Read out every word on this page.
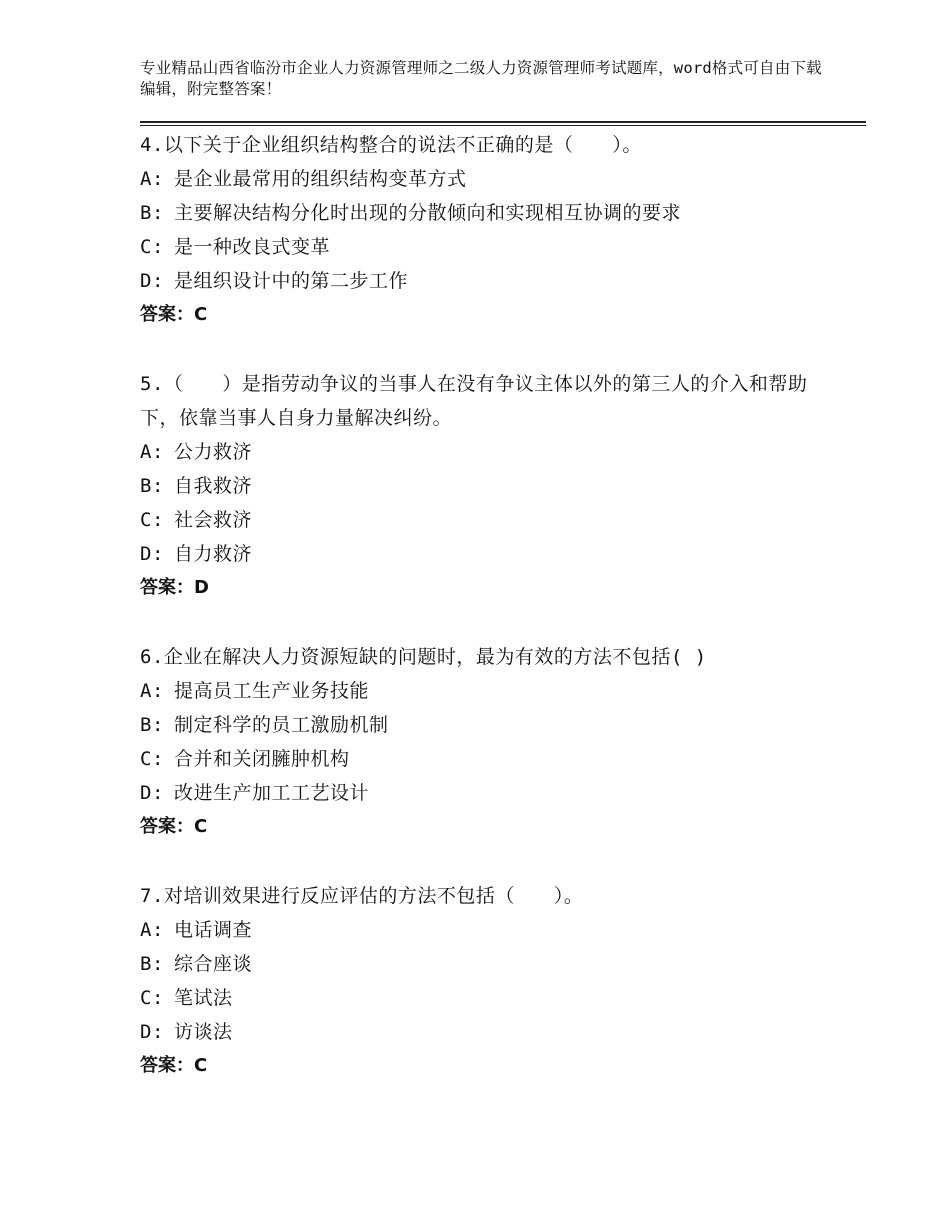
专业精品山西省临汾市企业人力资源管理师之二级人力资源管理师考试题库，word格式可自由下载编辑，附完整答案！
4.以下关于企业组织结构整合的说法不正确的是（　　）。
A: 是企业最常用的组织结构变革方式
B: 主要解决结构分化时出现的分散倾向和实现相互协调的要求
C: 是一种改良式变革
D: 是组织设计中的第二步工作
答案：C
5.（　　）是指劳动争议的当事人在没有争议主体以外的第三人的介入和帮助下，依靠当事人自身力量解决纠纷。
A: 公力救济
B: 自我救济
C: 社会救济
D: 自力救济
答案：D
6.企业在解决人力资源短缺的问题时，最为有效的方法不包括( )
A: 提高员工生产业务技能
B: 制定科学的员工激励机制
C: 合并和关闭臃肿机构
D: 改进生产加工工艺设计
答案：C
7.对培训效果进行反应评估的方法不包括（　　）。
A: 电话调查
B: 综合座谈
C: 笔试法
D: 访谈法
答案：C
